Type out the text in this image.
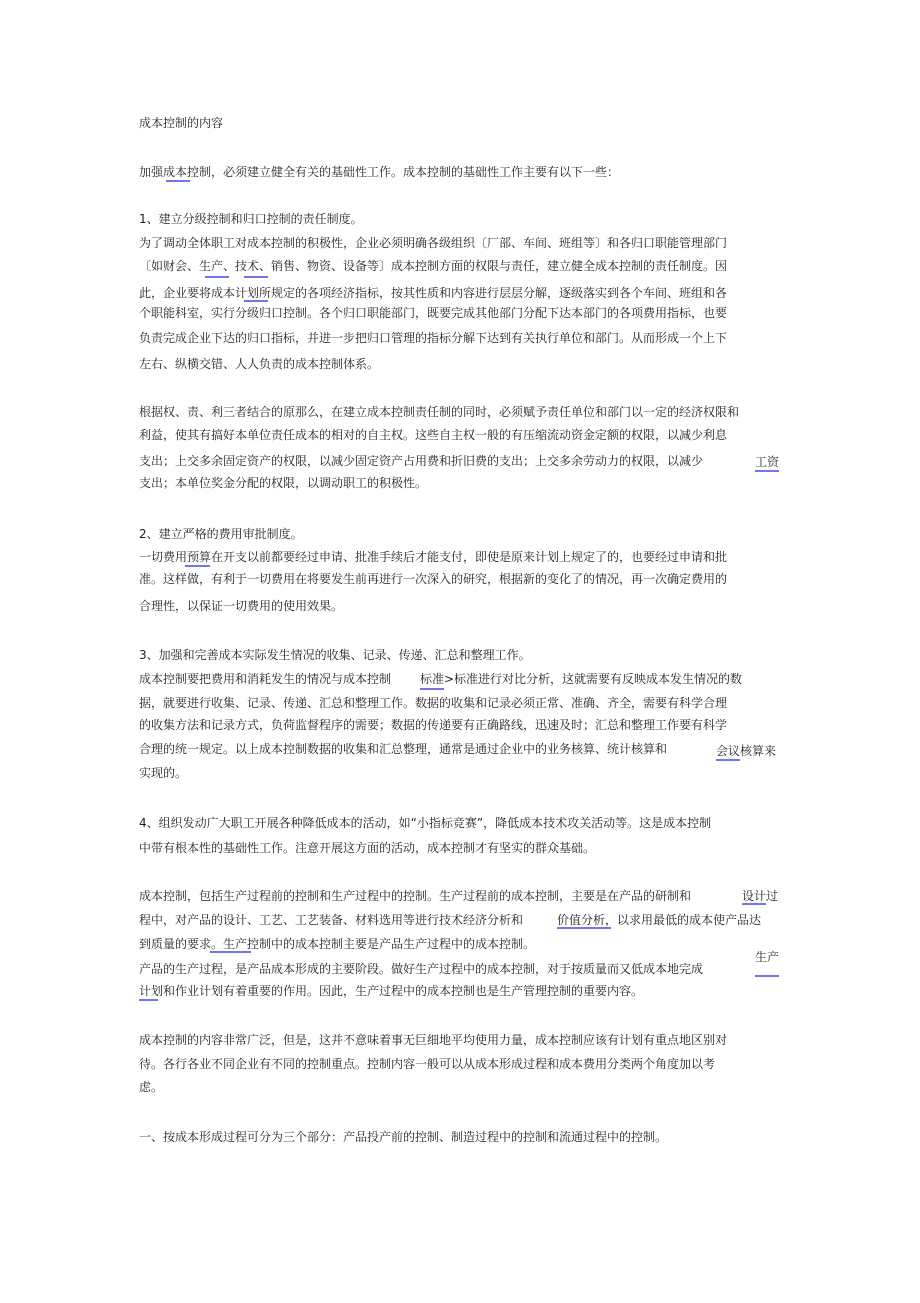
成本控制的内容
加强成本控制，必须建立健全有关的基础性工作。成本控制的基础性工作主要有以下一些：
1、建立分级控制和归口控制的责任制度。
为了调动全体职工对成本控制的积极性，企业必须明确各级组织〔厂部、车间、班组等〕和各归口职能管理部门
〔如财会、生产、技术、销售、物资、设备等〕成本控制方面的权限与责任，建立健全成本控制的责任制度。因
此，企业要将成本计划所规定的各项经济指标，按其性质和内容进行层层分解，逐级落实到各个车间、班组和各
个职能科室，实行分级归口控制。各个归口职能部门，既要完成其他部门分配下达本部门的各项费用指标，也要
负责完成企业下达的归口指标，并进一步把归口管理的指标分解下达到有关执行单位和部门。从而形成一个上下
左右、纵横交错、人人负责的成本控制体系。
根据权、责、利三者结合的原那么，在建立成本控制责任制的同时，必须赋予责任单位和部门以一定的经济权限和
利益，使其有搞好本单位责任成本的相对的自主权。这些自主权一般的有压缩流动资金定额的权限，以减少利息
支出；上交多余固定资产的权限，以减少固定资产占用费和折旧费的支出；上交多余劳动力的权限，以减少	工资
支出；本单位奖金分配的权限，以调动职工的积极性。
2、建立严格的费用审批制度。
一切费用预算在开支以前都要经过申请、批准手续后才能支付，即使是原来计划上规定了的，也要经过申请和批
准。这样做，有利于一切费用在将要发生前再进行一次深入的研究，根据新的变化了的情况，再一次确定费用的
合理性，以保证一切费用的使用效果。
3、加强和完善成本实际发生情况的收集、记录、传递、汇总和整理工作。
成本控制要把费用和消耗发生的情况与成本控制 标准>标准进行对比分析，这就需要有反映成本发生情况的数
据，就要进行收集、记录、传递、汇总和整理工作。数据的收集和记录必须正常、准确、齐全，需要有科学合理
的收集方法和记录方式，负荷监督程序的需要；数据的传递要有正确路线，迅速及时；汇总和整理工作要有科学
合理的统一规定。以上成本控制数据的收集和汇总整理，通常是通过企业中的业务核算、统计核算和	会议核算来
实现的。
4、组织发动广大职工开展各种降低成本的活动，如“小指标竞赛”，降低成本技术攻关活动等。这是成本控制
中带有根本性的基础性工作。注意开展这方面的活动，成本控制才有坚实的群众基础。
成本控制，包括生产过程前的控制和生产过程中的控制。生产过程前的成本控制，主要是在产品的研制和	设计过
程中，对产品的设计、工艺、工艺装备、材料选用等进行技术经济分析和	价值分析，以求用最低的成本使产品达
到质量的要求。生产控制中的成本控制主要是产品生产过程中的成本控制。
生产
产品的生产过程，是产品成本形成的主要阶段。做好生产过程中的成本控制，对于按质量而又低成本地完成
计划和作业计划有着重要的作用。因此，生产过程中的成本控制也是生产管理控制的重要内容。
成本控制的内容非常广泛，但是，这并不意味着事无巨细地平均使用力量，成本控制应该有计划有重点地区别对
待。各行各业不同企业有不同的控制重点。控制内容一般可以从成本形成过程和成本费用分类两个角度加以考
虑。
一、按成本形成过程可分为三个部分：产品投产前的控制、制造过程中的控制和流通过程中的控制。
